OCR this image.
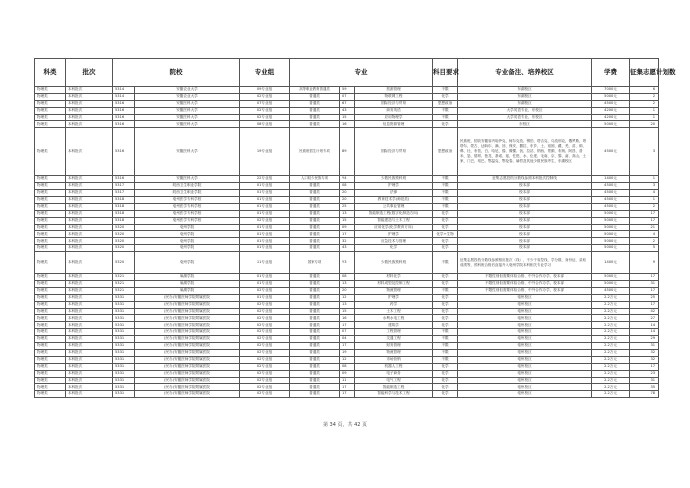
科类	批次	院校		专业组	专业			科目要求	专业备注、培养校区	学费	征集志愿计划数
物理类	本科批次	5314	安徽农业大学	09专业组	高等职业教育普通类	59	旅游管理	不限	东湖校区	7000元	6
物理类	本科批次	5314	安徽农业大学	02专业组	普通类	07	物联网工程	化学	东湖校区	5000元	2
物理类	本科批次	5316	安徽医科大学	07专业组	普通类	67	国际经济与贸易	思想政治	东湖校区	4500元	2
物理类	本科批次	5316	安徽医科大学	02专业组	普通类	43	商务英语	不限	大学英语专业，东校区	4200元	1
物理类	本科批次	5316	安徽医科大学	02专业组	普通类	15	应用物理学	不限	大学英语专业，东校区	4200元	1
物理类	本科批次	5316	安徽医科大学	08专业组	普通类	16	信息资源管理	化学	东校区	5000元	20
物理类	本科批次	5316	安徽医科大学	19专业组	民族班招生计划专项	89	国际经济与贸易	思想政治	民族班，招收安徽省内哈萨克、柯尔克孜、锡伯、塔吉克、乌孜别克、俄罗斯、塔塔尔、蒙古、达斡尔、满、回、保安、撒拉、东乡、土、裕固、藏、羌、苗、侗、彝、壮、布依、白、哈尼、傣、傈僳、佤、拉祜、纳西、景颇、布朗、阿昌、普米、怒、德昂、独龙、基诺、瑶、仡佬、水、仫佬、毛南、京、黎、畲、高山、土家、门巴、珞巴、鄂温克、鄂伦春、赫哲及其他少数民族考生，东湖校区	4500元	3
物理类	本科批次	5316	安徽医科大学	22专业组	人口较少民族专项	Y4	少数民族预科班	不限	征集志愿投档分数线参照本科批次控制线	1400元	1
物理类	本科批次	5317	皖西卫生职业学院	01专业组	普通类	08	护理学	不限	校本部	4500元	3
物理类	本科批次	5317	皖西卫生职业学院	01专业组	普通类	20	法律	不限	校本部	4500元	4
物理类	本科批次	5318	亳州医学专科学校	01专业组	普通类	20	教育技术学(师范类)	不限	校本部	4500元	1
物理类	本科批次	5318	亳州医学专科学校	01专业组	普通类	25	公共事业管理	不限	校本部	4500元	2
物理类	本科批次	5318	亳州医学专科学校	01专业组	普通类	13	智能制造工程(数字化制造方向)	化学	校本部	5000元	17
物理类	本科批次	5318	亳州医学专科学校	02专业组	普通类	15	智能建造与土木工程	化学	校本部	5000元	17
物理类	本科批次	5320	亳州学院	01专业组	普通类	09	应用化学(化学教育方向)	化学	校本部	5000元	21
物理类	本科批次	5320	亳州学院	01专业组	普通类	17	护理学	化学+生物	校本部	5000元	4
物理类	本科批次	5320	亳州学院	01专业组	普通类	32	应急技术与管理	化学	校本部	5000元	2
物理类	本科批次	5320	亳州学院	01专业组	普通类	43	化学	化学	校本部	5000元	5
物理类	本科批次	5320	亳州学院	11专业组	国家专项	Y3	少数民族预科班	不限	征集志愿投档分数线参照相应批次（线），不少于省控线，学分数、身份证、录取成绩等，预科班合格后直接升入亳州学院本科相关专业学习	1400元	9
物理类	本科批次	5321	巢湖学院	01专业组	普通类	08	材料化学	化学	不限性别但需要体检合格、中外合作办学，校本部	5000元	17
物理类	本科批次	5321	巢湖学院	01专业组	普通类	13	材料成型及控制工程	化学	不限性别但需要体检合格、中外合作办学，校本部	5000元	31
物理类	本科批次	5321	巢湖学院	02专业组	普通类	20	物流管理	不限	不限性别但需要体检合格、中外合作办学，校本部	4500元	17
物理类	本科批次	5331	(民办)安徽医师学院附属医院	01专业组	普通类	12	护理学	化学	亳州校区	2.2万元	25
物理类	本科批次	5331	(民办)安徽医师学院附属医院	02专业组	普通类	13	药学	化学	亳州校区	2.2万元	17
物理类	本科批次	5331	(民办)安徽医师学院附属医院	02专业组	普通类	15	土木工程	化学	亳州校区	2.2万元	42
物理类	本科批次	5331	(民办)安徽医师学院附属医院	02专业组	普通类	16	水利水电工程	化学	亳州校区	2.2万元	27
物理类	本科批次	5331	(民办)安徽医师学院附属医院	02专业组	普通类	17	建筑学	化学	亳州校区	2.2万元	14
物理类	本科批次	5331	(民办)安徽医师学院附属医院	02专业组	普通类	07	工程管理	不限	亳州校区	2.2万元	14
物理类	本科批次	5331	(民办)安徽医师学院附属医院	02专业组	普通类	04	交通工程	不限	亳州校区	2.2万元	29
物理类	本科批次	5331	(民办)安徽医师学院附属医院	02专业组	普通类	17	财务管理	不限	亳州校区	2.2万元	31
物理类	本科批次	5331	(民办)安徽医师学院附属医院	02专业组	普通类	19	物流管理	不限	亳州校区	2.2万元	32
物理类	本科批次	5331	(民办)安徽医师学院附属医院	02专业组	普通类	12	市场营销	不限	亳州校区	2.2万元	32
物理类	本科批次	5331	(民办)安徽医师学院附属医院	02专业组	普通类	08	机器人工程	化学	亳州校区	2.2万元	17
物理类	本科批次	5331	(民办)安徽医师学院附属医院	02专业组	普通类	09	电子商务	化学	亳州校区	2.2万元	23
物理类	本科批次	5331	(民办)安徽医师学院附属医院	02专业组	普通类	11	电气工程	化学	亳州校区	2.2万元	31
物理类	本科批次	5331	(民办)安徽医师学院附属医院	02专业组	普通类	17	智能制造工程	化学	亳州校区	2.2万元	35
物理类	本科批次	5331	(民办)安徽医师学院附属医院	02专业组	普通类	17	智能科学与技术工程	化学	亳州校区	2.2万元	78
第 34 页，共 42 页
